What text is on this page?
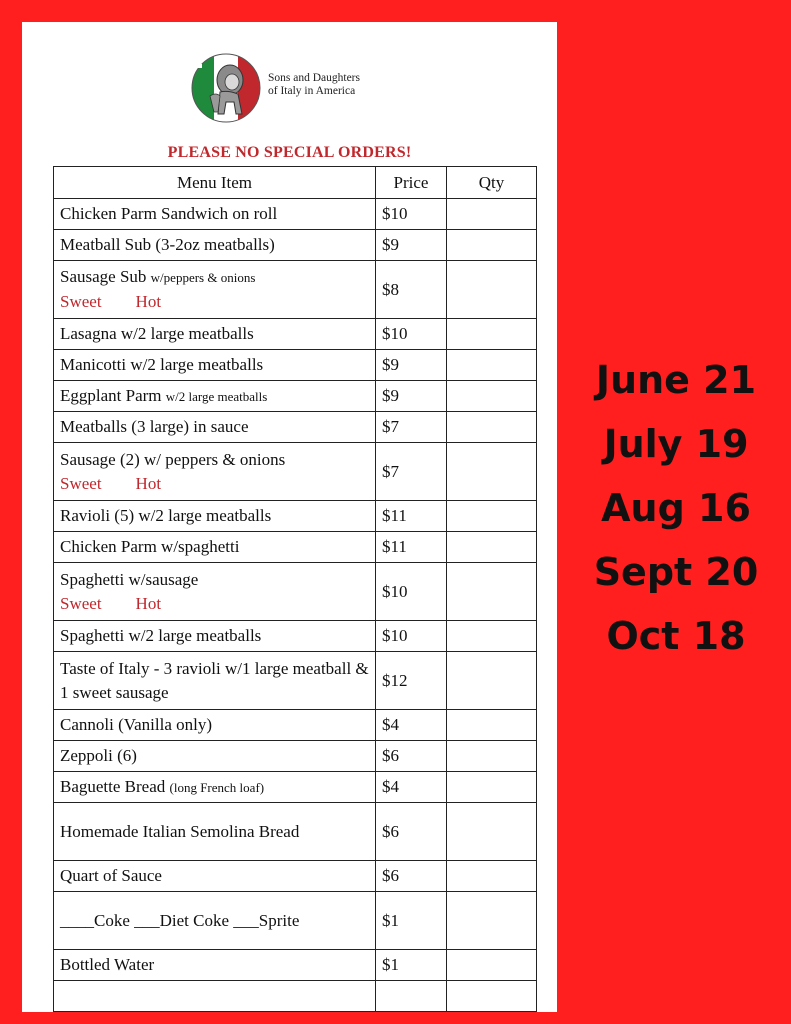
Sons and Daughters
of Italy in America
PLEASE NO SPECIAL ORDERS!
Menu Item	Price	Qty
Chicken Parm Sandwich on roll	$10	
Meatball Sub (3-2oz meatballs)	$9	
Sausage Sub w/peppers & onions
Sweet Hot	$8	
Lasagna w/2 large meatballs	$10	
Manicotti w/2 large meatballs	$9	
Eggplant Parm w/2 large meatballs	$9	
Meatballs (3 large) in sauce	$7	
Sausage (2) w/ peppers & onions
Sweet Hot	$7	
Ravioli (5) w/2 large meatballs	$11	
Chicken Parm w/spaghetti	$11	
Spaghetti w/sausage
Sweet Hot	$10	
Spaghetti w/2 large meatballs	$10	
Taste of Italy - 3 ravioli w/1 large meatball & 1 sweet sausage	$12	
Cannoli (Vanilla only)	$4	
Zeppoli (6)	$6	
Baguette Bread (long French loaf)	$4	
Homemade Italian Semolina Bread	$6	
Quart of Sauce	$6	
____Coke ___Diet Coke ___Sprite	$1	
Bottled Water	$1	

June 21
July 19
Aug 16
Sept 20
Oct 18
